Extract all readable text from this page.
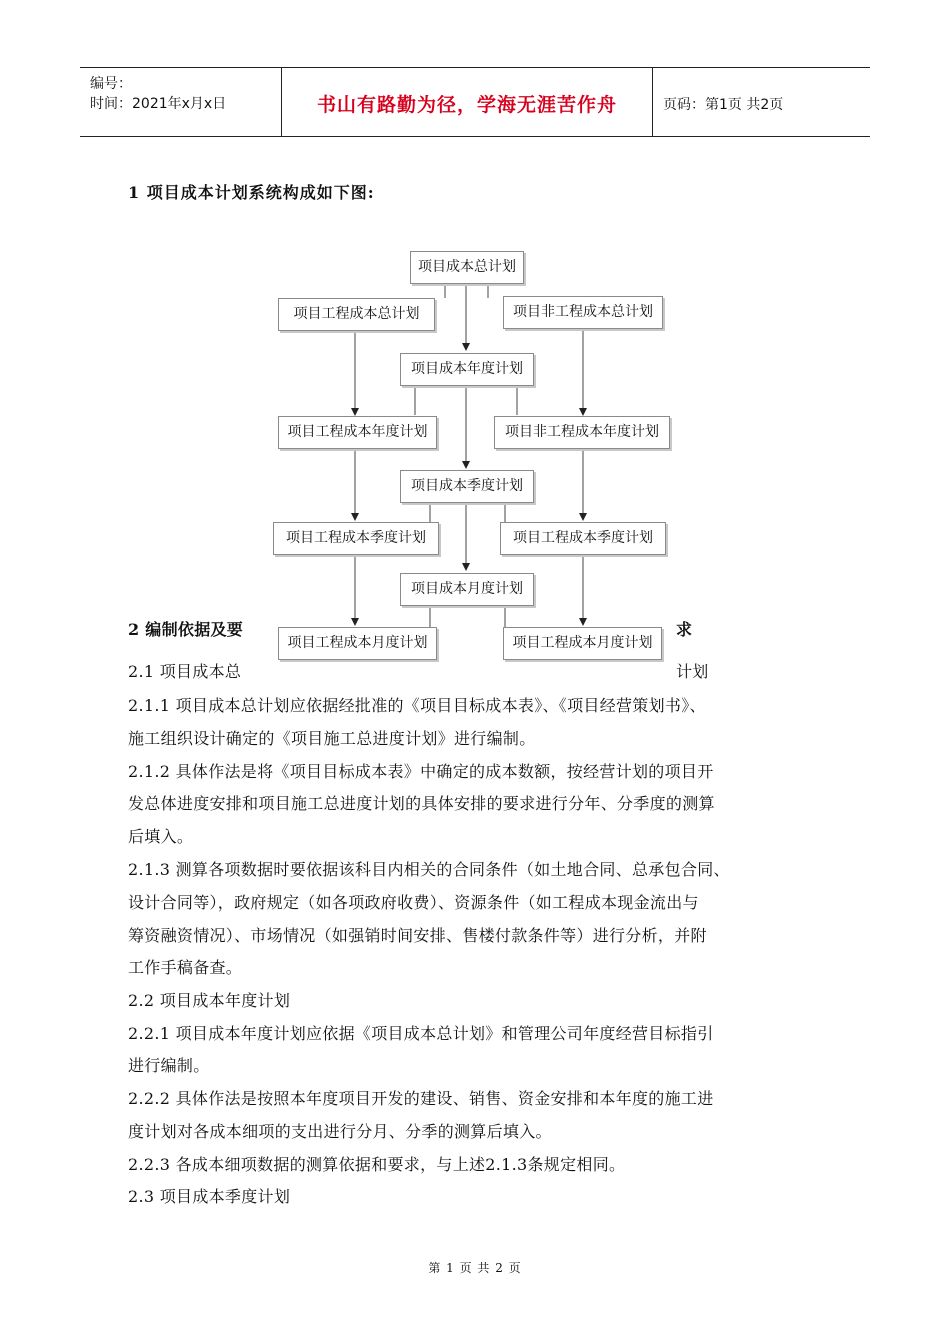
编号：
时间：2021年x月x日	书山有路勤为径，学海无涯苦作舟	页码：第1页 共2页
1 项目成本计划系统构成如下图:
项目成本总计划
项目工程成本总计划	项目非工程成本总计划
项目成本年度计划
项目工程成本年度计划	项目非工程成本年度计划
项目成本季度计划
项目工程成本季度计划	项目工程成本季度计划
项目成本月度计划
项目工程成本月度计划	项目工程成本月度计划
2 编制依据及要	求
2.1 项目成本总	计划
2.1.1 项目成本总计划应依据经批准的《项目目标成本表》、《项目经营策划书》、
施工组织设计确定的《项目施工总进度计划》进行编制。
2.1.2 具体作法是将《项目目标成本表》中确定的成本数额，按经营计划的项目开
发总体进度安排和项目施工总进度计划的具体安排的要求进行分年、分季度的测算
后填入。
2.1.3 测算各项数据时要依据该科目内相关的合同条件（如土地合同、总承包合同、
设计合同等），政府规定（如各项政府收费）、资源条件（如工程成本现金流出与
筹资融资情况）、市场情况（如强销时间安排、售楼付款条件等）进行分析，并附
工作手稿备查。
2.2 项目成本年度计划
2.2.1 项目成本年度计划应依据《项目成本总计划》和管理公司年度经营目标指引
进行编制。
2.2.2 具体作法是按照本年度项目开发的建设、销售、资金安排和本年度的施工进
度计划对各成本细项的支出进行分月、分季的测算后填入。
2.2.3 各成本细项数据的测算依据和要求，与上述2.1.3条规定相同。
2.3 项目成本季度计划
第 1 页 共 2 页
